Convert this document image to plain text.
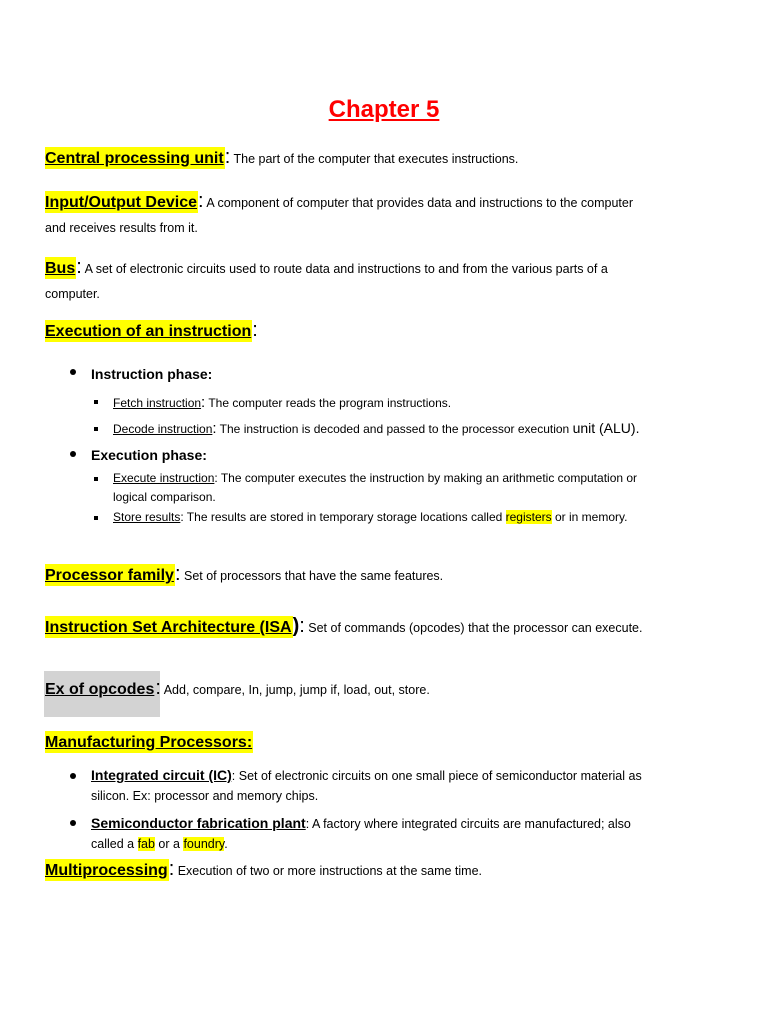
Chapter 5
Central processing unit: The part of the computer that executes instructions.
Input/Output Device: A component of computer that provides data and instructions to the computer
and receives results from it.
Bus: A set of electronic circuits used to route data and instructions to and from the various parts of a
computer.
Execution of an instruction:
Instruction phase:
Fetch instruction: The computer reads the program instructions.
Decode instruction: The instruction is decoded and passed to the processor execution unit (ALU).
Execution phase:
Execute instruction: The computer executes the instruction by making an arithmetic computation or
logical comparison.
Store results: The results are stored in temporary storage locations called registers or in memory.
Processor family: Set of processors that have the same features.
Instruction Set Architecture (ISA): Set of commands (opcodes) that the processor can execute.
Ex of opcodes: Add, compare, In, jump, jump if, load, out, store.
Manufacturing Processors:
Integrated circuit (IC): Set of electronic circuits on one small piece of semiconductor material as
silicon. Ex: processor and memory chips.
Semiconductor fabrication plant: A factory where integrated circuits are manufactured; also
called a fab or a foundry.
Multiprocessing: Execution of two or more instructions at the same time.
